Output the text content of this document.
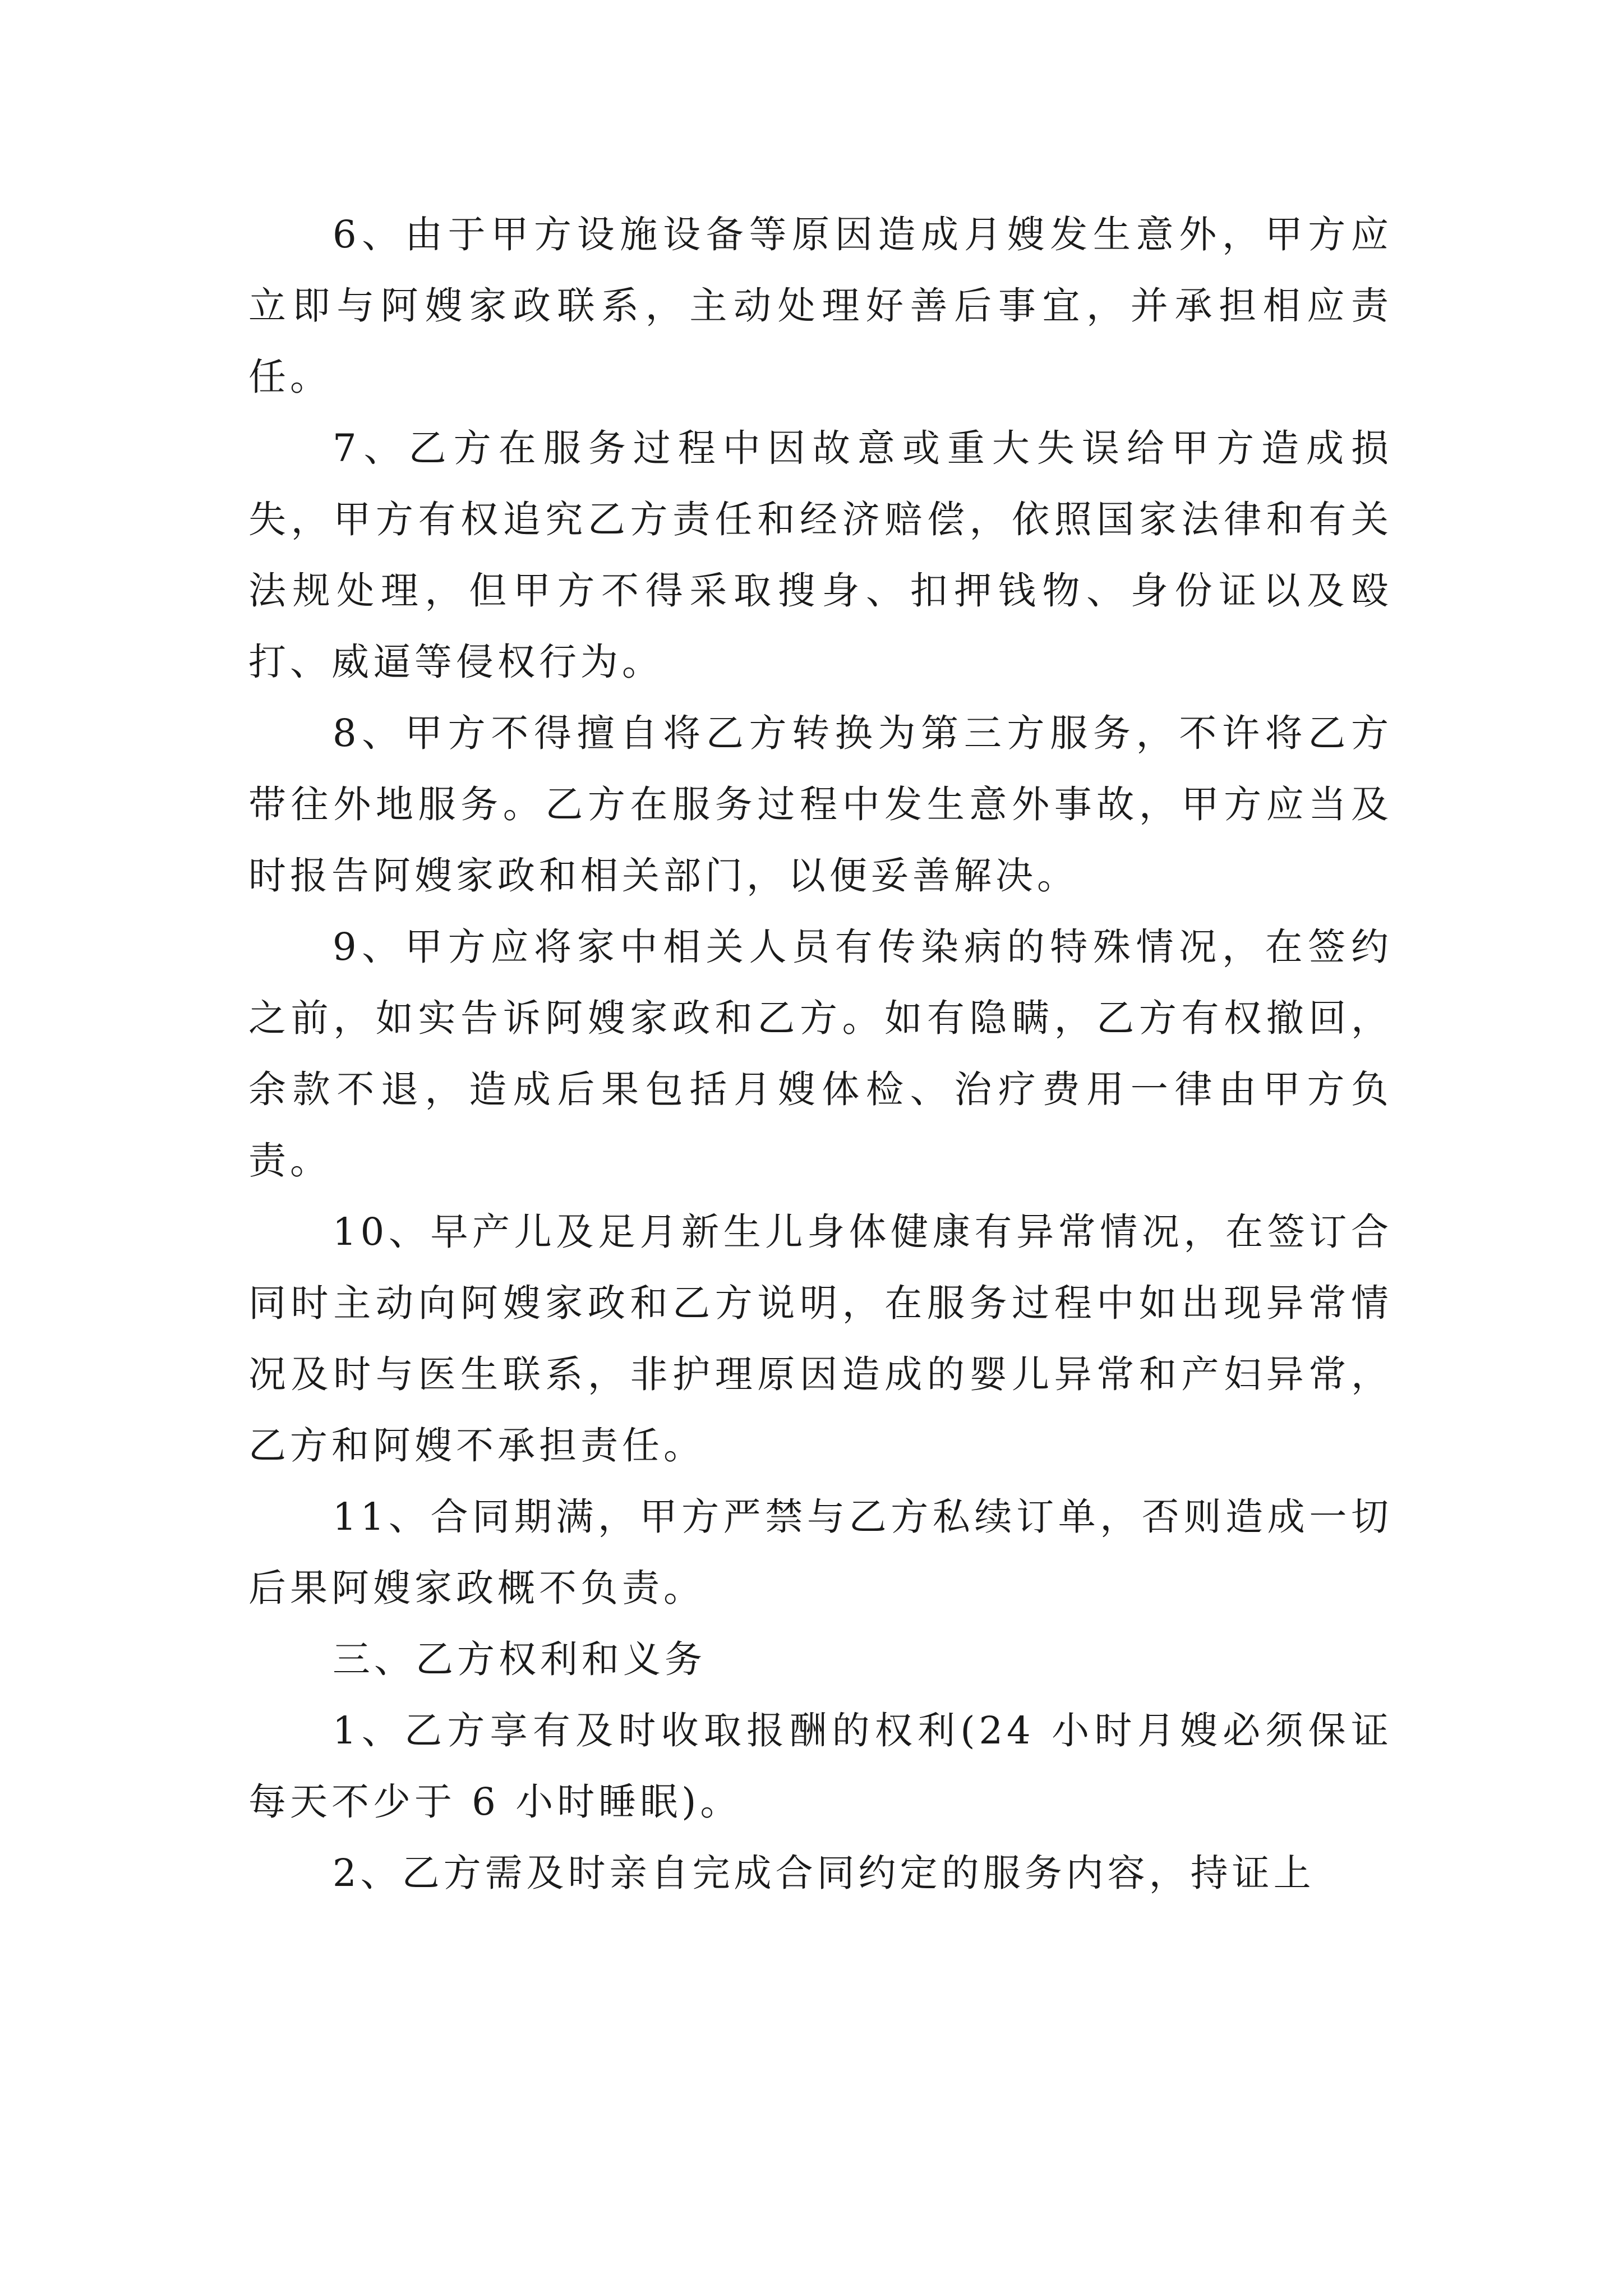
6、由于甲方设施设备等原因造成月嫂发生意外，甲方应立即与阿嫂家政联系，主动处理好善后事宜，并承担相应责任。

7、乙方在服务过程中因故意或重大失误给甲方造成损失，甲方有权追究乙方责任和经济赔偿，依照国家法律和有关法规处理，但甲方不得采取搜身、扣押钱物、身份证以及殴打、威逼等侵权行为。

8、甲方不得擅自将乙方转换为第三方服务，不许将乙方带往外地服务。乙方在服务过程中发生意外事故，甲方应当及时报告阿嫂家政和相关部门，以便妥善解决。

9、甲方应将家中相关人员有传染病的特殊情况，在签约之前，如实告诉阿嫂家政和乙方。如有隐瞒，乙方有权撤回，余款不退，造成后果包括月嫂体检、治疗费用一律由甲方负责。

10、早产儿及足月新生儿身体健康有异常情况，在签订合同时主动向阿嫂家政和乙方说明，在服务过程中如出现异常情况及时与医生联系，非护理原因造成的婴儿异常和产妇异常，乙方和阿嫂不承担责任。

11、合同期满，甲方严禁与乙方私续订单，否则造成一切后果阿嫂家政概不负责。

三、乙方权利和义务

1、乙方享有及时收取报酬的权利(24 小时月嫂必须保证每天不少于 6 小时睡眠)。

2、乙方需及时亲自完成合同约定的服务内容，持证上
